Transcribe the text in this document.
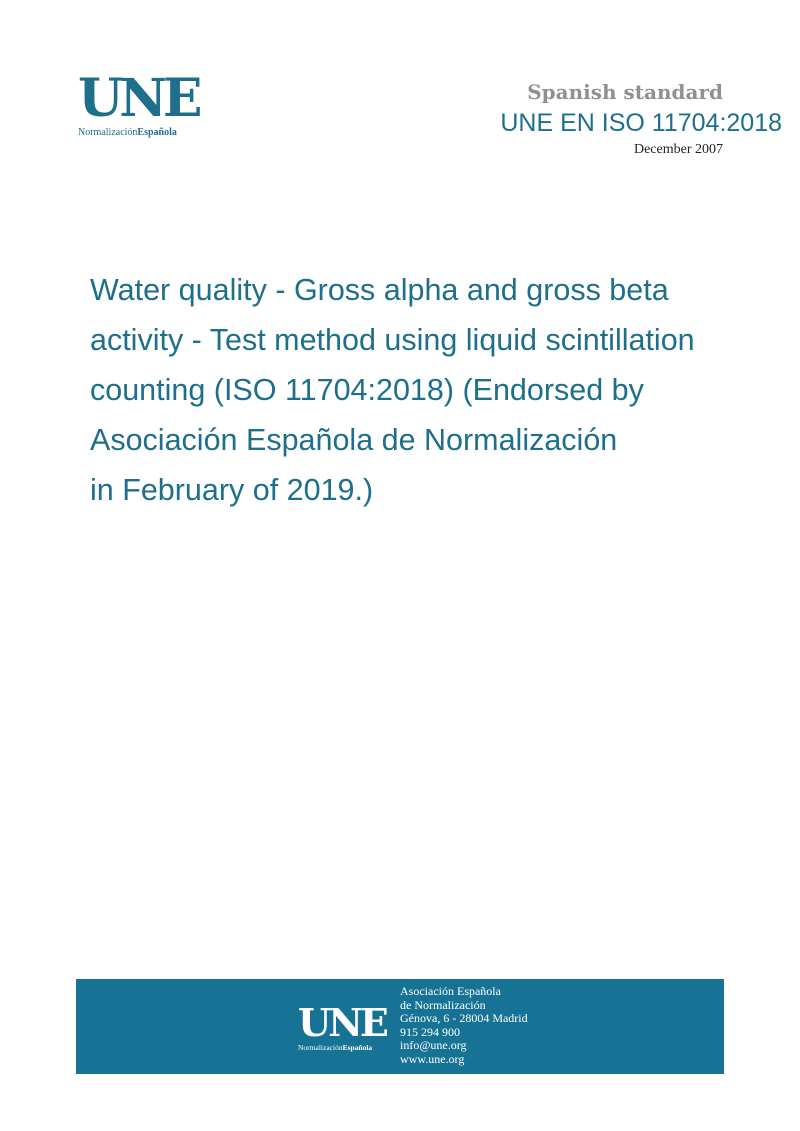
UNE
NormalizaciónEspañola
Spanish standard
UNE EN ISO 11704:2018
December 2007
Water quality - Gross alpha and gross beta
activity - Test method using liquid scintillation
counting (ISO 11704:2018) (Endorsed by
Asociación Española de Normalización
in February of 2019.)
UNE
NormalizaciónEspañola
Asociación Española
de Normalización
Génova, 6 - 28004 Madrid
915 294 900
info@une.org
www.une.org
